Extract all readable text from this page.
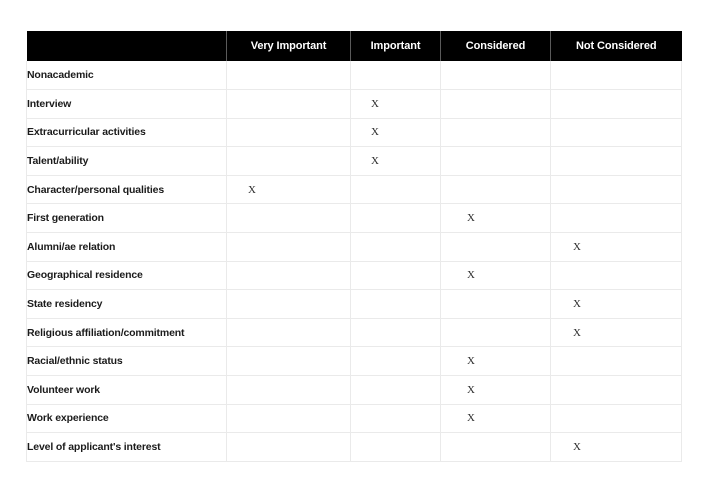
	Very Important	Important	Considered	Not Considered
Nonacademic				
Interview		X		
Extracurricular activities		X		
Talent/ability		X		
Character/personal qualities	X			
First generation			X	
Alumni/ae relation				X
Geographical residence			X	
State residency				X
Religious affiliation/commitment				X
Racial/ethnic status			X	
Volunteer work			X	
Work experience			X	
Level of applicant's interest				X
